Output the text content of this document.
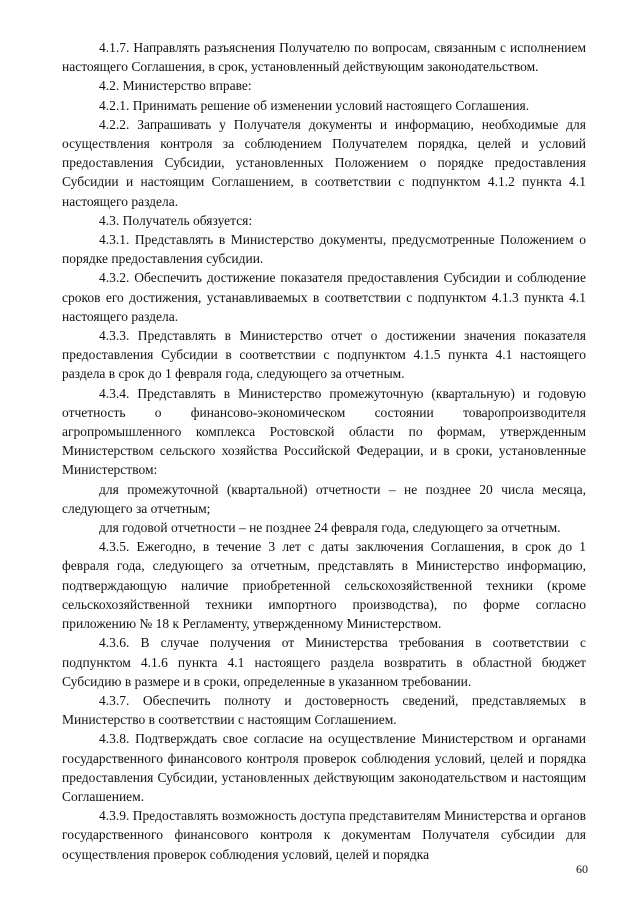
4.1.7. Направлять разъяснения Получателю по вопросам, связанным с исполнением настоящего Соглашения, в срок, установленный действующим законодательством.

4.2. Министерство вправе:

4.2.1. Принимать решение об изменении условий настоящего Соглашения.

4.2.2. Запрашивать у Получателя документы и информацию, необходимые для осуществления контроля за соблюдением Получателем порядка, целей и условий предоставления Субсидии, установленных Положением о порядке предоставления Субсидии и настоящим Соглашением, в соответствии с подпунктом 4.1.2 пункта 4.1 настоящего раздела.

4.3. Получатель обязуется:

4.3.1. Представлять в Министерство документы, предусмотренные Положением о порядке предоставления субсидии.

4.3.2. Обеспечить достижение показателя предоставления Субсидии и соблюдение сроков его достижения, устанавливаемых в соответствии с подпунктом 4.1.3 пункта 4.1 настоящего раздела.

4.3.3. Представлять в Министерство отчет о достижении значения показателя предоставления Субсидии в соответствии с подпунктом 4.1.5 пункта 4.1 настоящего раздела в срок до 1 февраля года, следующего за отчетным.

4.3.4. Представлять в Министерство промежуточную (квартальную) и годовую отчетность о финансово-экономическом состоянии товаропроизводителя агропромышленного комплекса Ростовской области по формам, утвержденным Министерством сельского хозяйства Российской Федерации, и в сроки, установленные Министерством:

для промежуточной (квартальной) отчетности – не позднее 20 числа месяца, следующего за отчетным;

для годовой отчетности – не позднее 24 февраля года, следующего за отчетным.

4.3.5. Ежегодно, в течение 3 лет с даты заключения Соглашения, в срок до 1 февраля года, следующего за отчетным, представлять в Министерство информацию, подтверждающую наличие приобретенной сельскохозяйственной техники (кроме сельскохозяйственной техники импортного производства), по форме согласно приложению № 18 к Регламенту, утвержденному Министерством.

4.3.6. В случае получения от Министерства требования в соответствии с подпунктом 4.1.6 пункта 4.1 настоящего раздела возвратить в областной бюджет Субсидию в размере и в сроки, определенные в указанном требовании.

4.3.7. Обеспечить полноту и достоверность сведений, представляемых в Министерство в соответствии с настоящим Соглашением.

4.3.8. Подтверждать свое согласие на осуществление Министерством и органами государственного финансового контроля проверок соблюдения условий, целей и порядка предоставления Субсидии, установленных действующим законодательством и настоящим Соглашением.

4.3.9. Предоставлять возможность доступа представителям Министерства и органов государственного финансового контроля к документам Получателя субсидии для осуществления проверок соблюдения условий, целей и порядка

60
